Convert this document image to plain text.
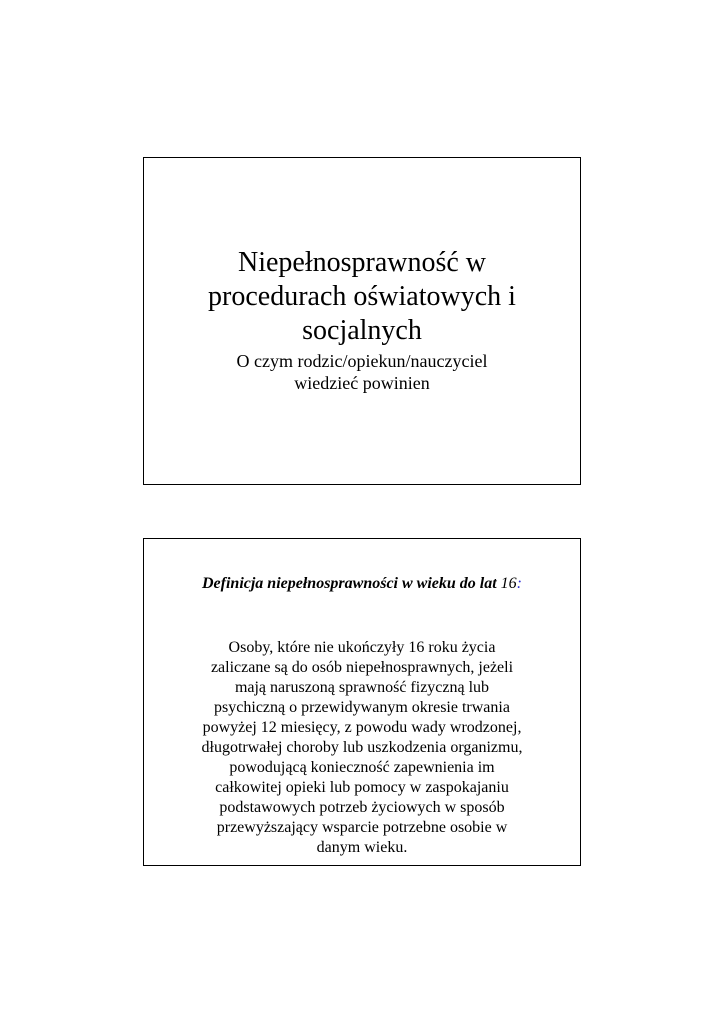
Niepełnosprawność w
procedurach oświatowych i
socjalnych
O czym rodzic/opiekun/nauczyciel
wiedzieć powinien
Definicja niepełnosprawności w wieku do lat 16:
Osoby, które nie ukończyły 16 roku życia
zaliczane są do osób niepełnosprawnych, jeżeli
mają naruszoną sprawność fizyczną lub
psychiczną o przewidywanym okresie trwania
powyżej 12 miesięcy, z powodu wady wrodzonej,
długotrwałej choroby lub uszkodzenia organizmu,
powodującą konieczność zapewnienia im
całkowitej opieki lub pomocy w zaspokajaniu
podstawowych potrzeb życiowych w sposób
przewyższający wsparcie potrzebne osobie w
danym wieku.
